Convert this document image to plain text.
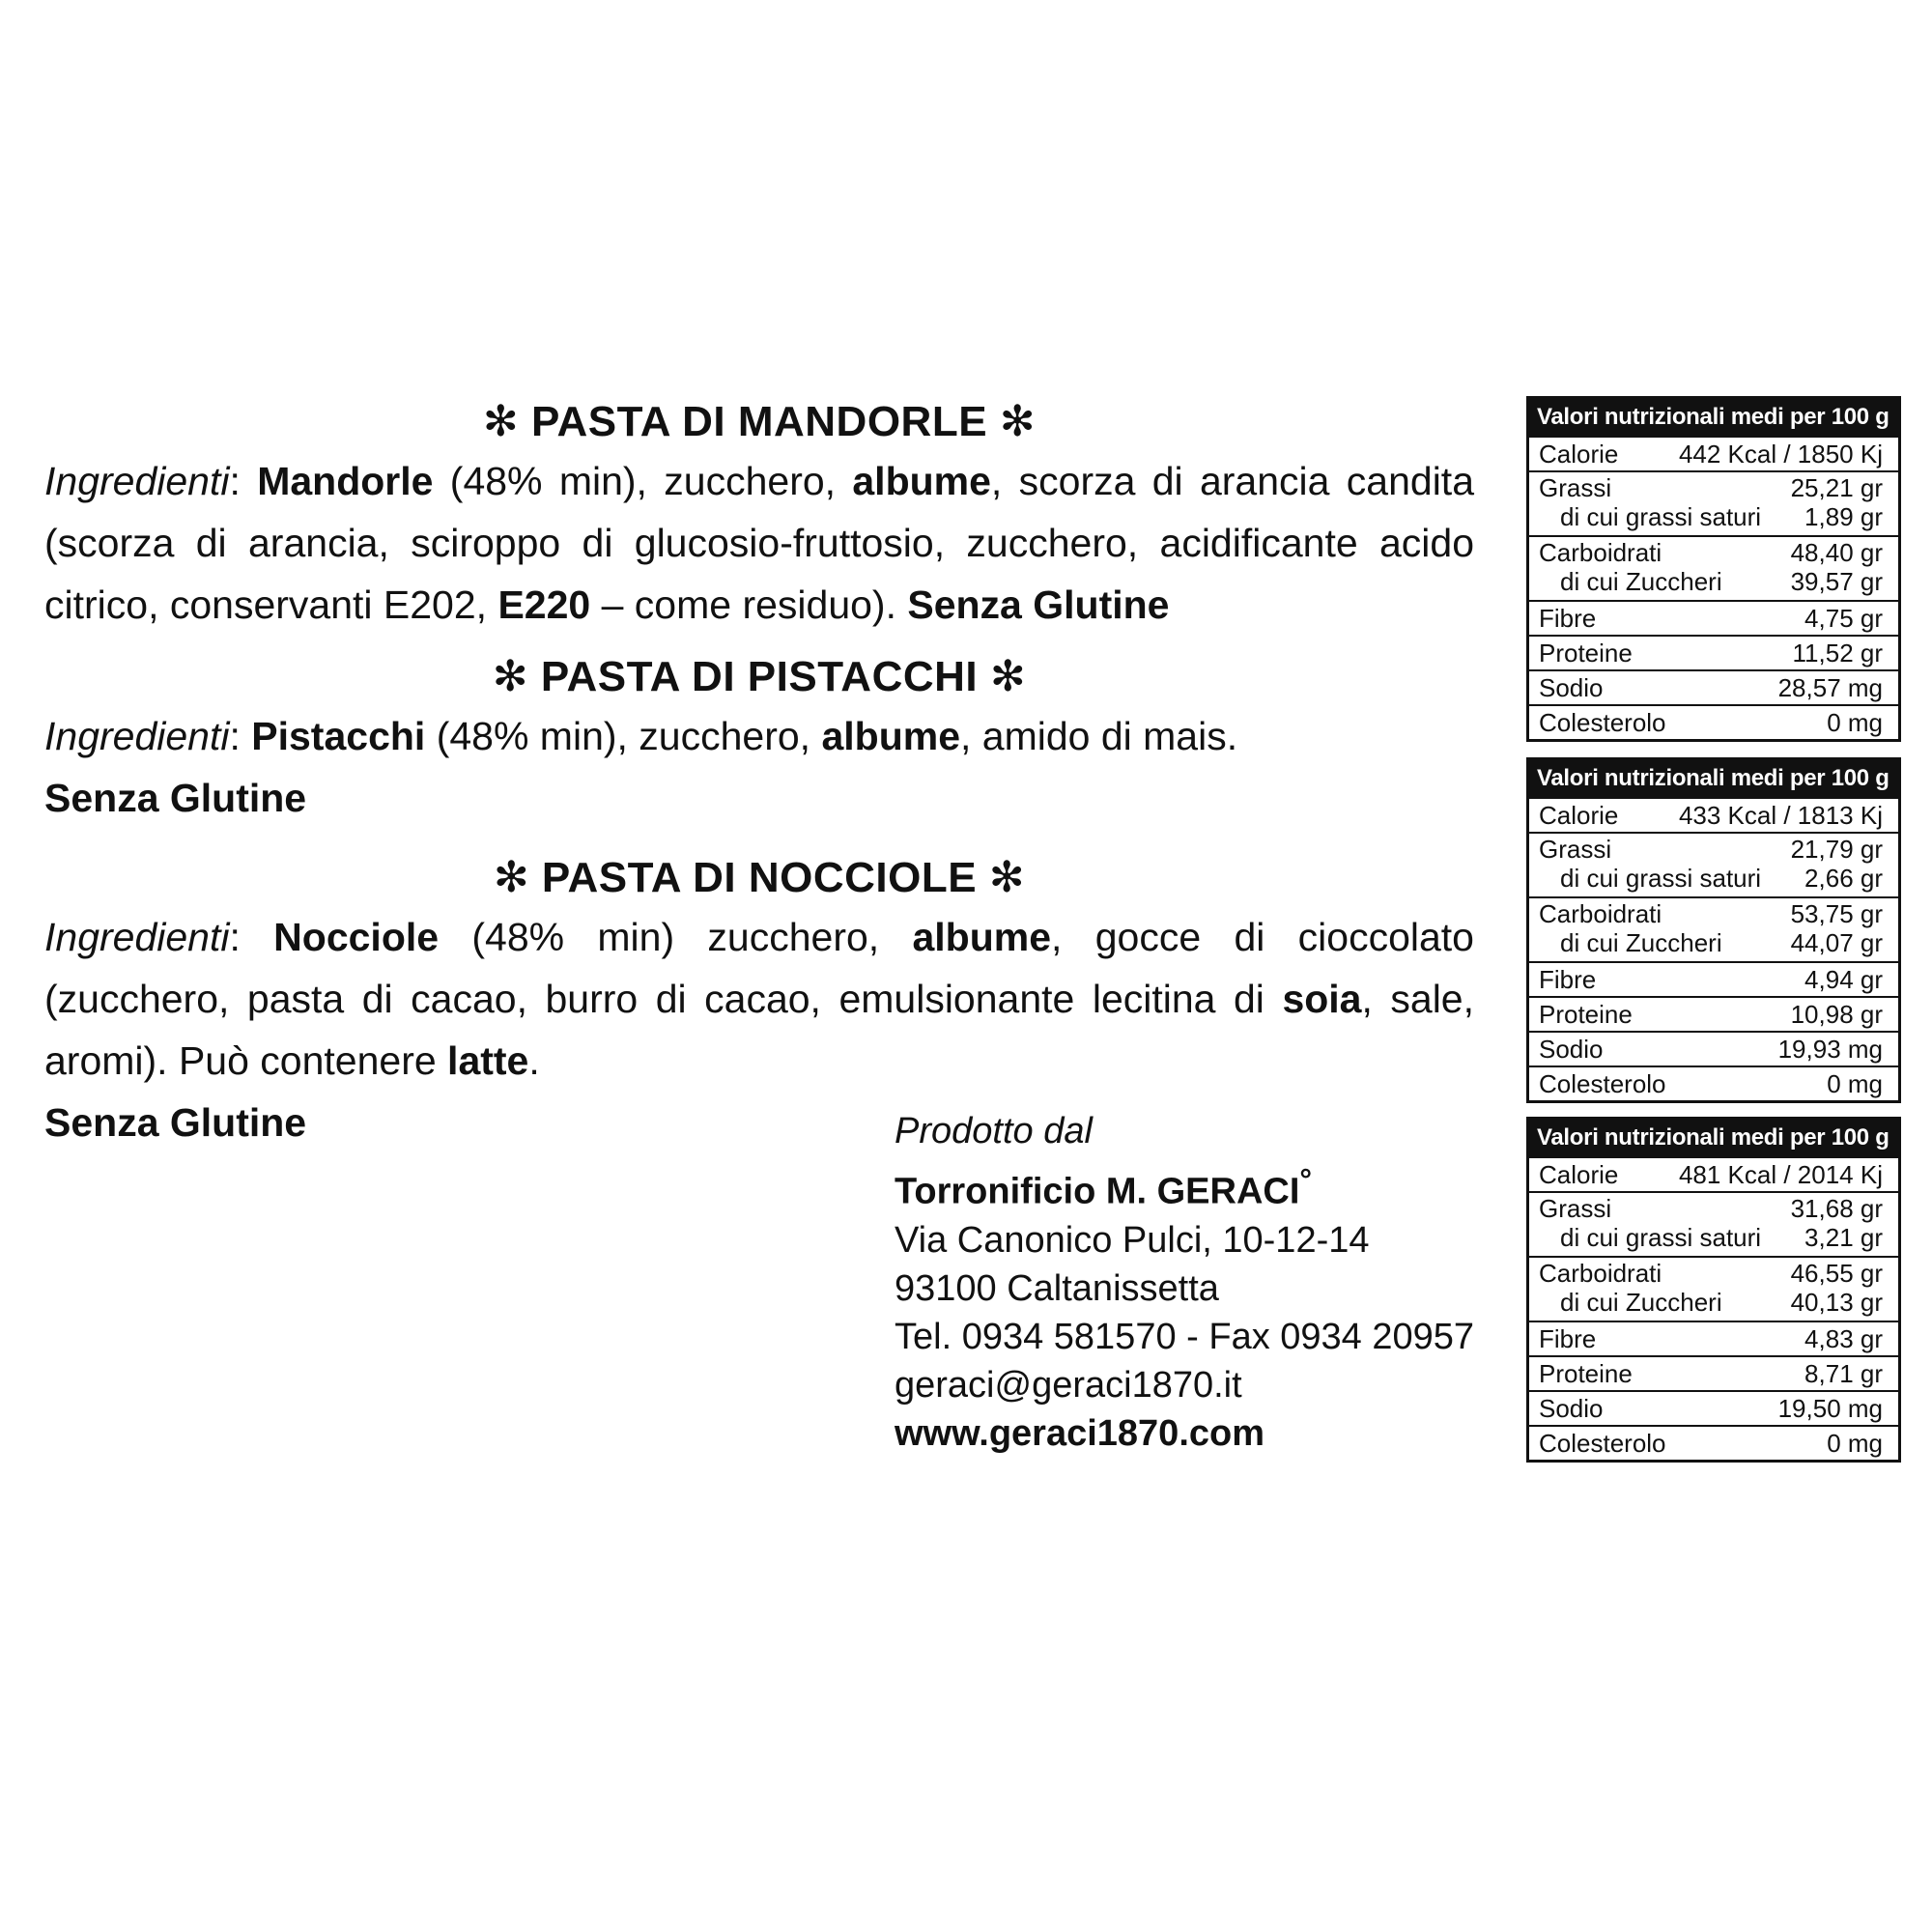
✻ PASTA DI MANDORLE ✻

Ingredienti: Mandorle (48% min), zucchero, albume, scorza di arancia candita (scorza di arancia, sciroppo di glucosio-fruttosio, zucchero, acidificante acido citrico, conservanti E202, E220 – come residuo). Senza Glutine

✻ PASTA DI PISTACCHI ✻

Ingredienti: Pistacchi (48% min), zucchero, albume, amido di mais.

Senza Glutine

✻ PASTA DI NOCCIOLE ✻

Ingredienti: Nocciole (48% min) zucchero, albume, gocce di cioccolato (zucchero, pasta di cacao, burro di cacao, emulsionante lecitina di soia, sale, aromi). Può contenere latte.

Senza Glutine	Prodotto dal
Torronificio M. GERACI°
Via Canonico Pulci, 10-12-14
93100 Caltanissetta
Tel. 0934 581570 - Fax 0934 20957
geraci@geraci1870.it
www.geraci1870.com
Valori nutrizionali medi per 100 g
Calorie 442 Kcal / 1850 Kj
Grassi	25,21 gr
di cui grassi saturi 1,89 gr
Carboidrati	48,40 gr
di cui Zuccheri	39,57 gr
Fibre	4,75 gr
Proteine	11,52 gr
Sodio	28,57 mg
Colesterolo	0 mg
Valori nutrizionali medi per 100 g
Calorie 433 Kcal / 1813 Kj
Grassi	21,79 gr
di cui grassi saturi 2,66 gr
Carboidrati	53,75 gr
di cui Zuccheri	44,07 gr
Fibre	4,94 gr
Proteine	10,98 gr
Sodio	19,93 mg
Colesterolo	0 mg
Valori nutrizionali medi per 100 g
Calorie 481 Kcal / 2014 Kj
Grassi	31,68 gr
di cui grassi saturi 3,21 gr
Carboidrati	46,55 gr
di cui Zuccheri	40,13 gr
Fibre	4,83 gr
Proteine	8,71 gr
Sodio	19,50 mg
Colesterolo	0 mg
